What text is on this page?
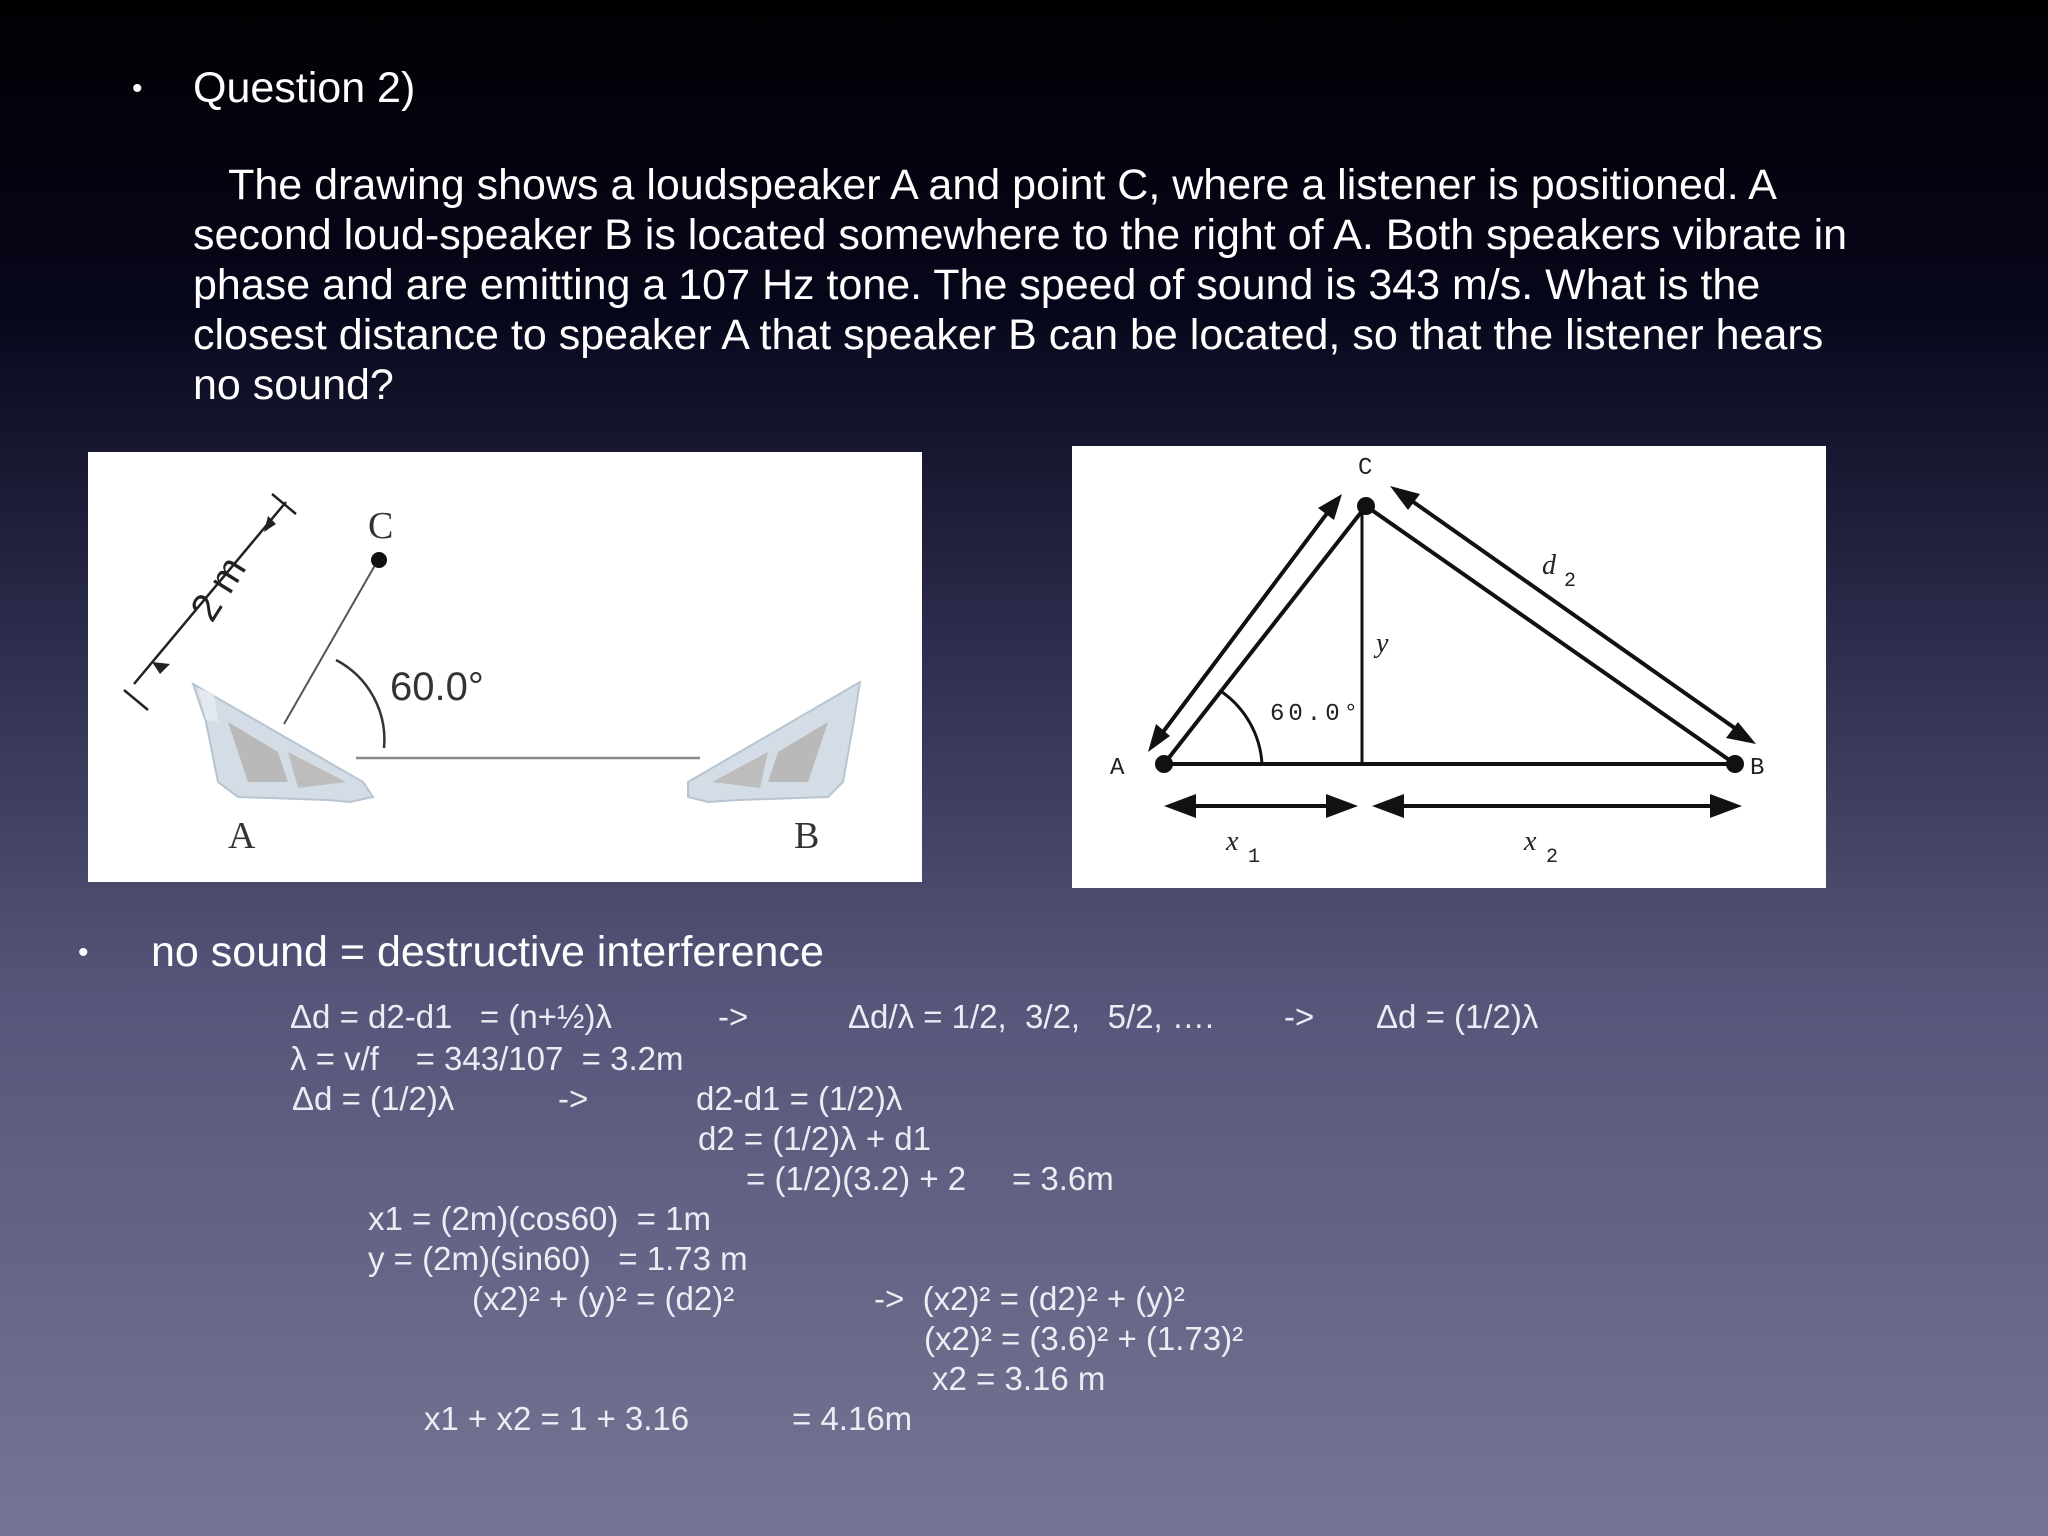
• Question 2)
The drawing shows a loudspeaker A and point C, where a listener is positioned. A
second loud-speaker B is located somewhere to the right of A. Both speakers vibrate in
phase and are emitting a 107 Hz tone. The speed of sound is 343 m/s. What is the
closest distance to speaker A that speaker B can be located, so that the listener hears
no sound?
C
A	B
60.0°
2 m
C
A	B
60.0°
y
d
2
x
1
x
2
• no sound = destructive interference
Δd = d2-d1   = (n+½)λ	->	Δd/λ = 1/2,  3/2,   5/2, …. -> Δd = (1/2)λ
λ = v/f    = 343/107  = 3.2m
Δd = (1/2)λ	->	d2-d1 = (1/2)λ
d2 = (1/2)λ + d1
= (1/2)(3.2) + 2     = 3.6m
x1 = (2m)(cos60)  = 1m
y = (2m)(sin60)   = 1.73 m
(x2)² + (y)² = (d2)²	->  (x2)² = (d2)² + (y)²
(x2)² = (3.6)² + (1.73)²
x2 = 3.16 m
x1 + x2 = 1 + 3.16	= 4.16m
